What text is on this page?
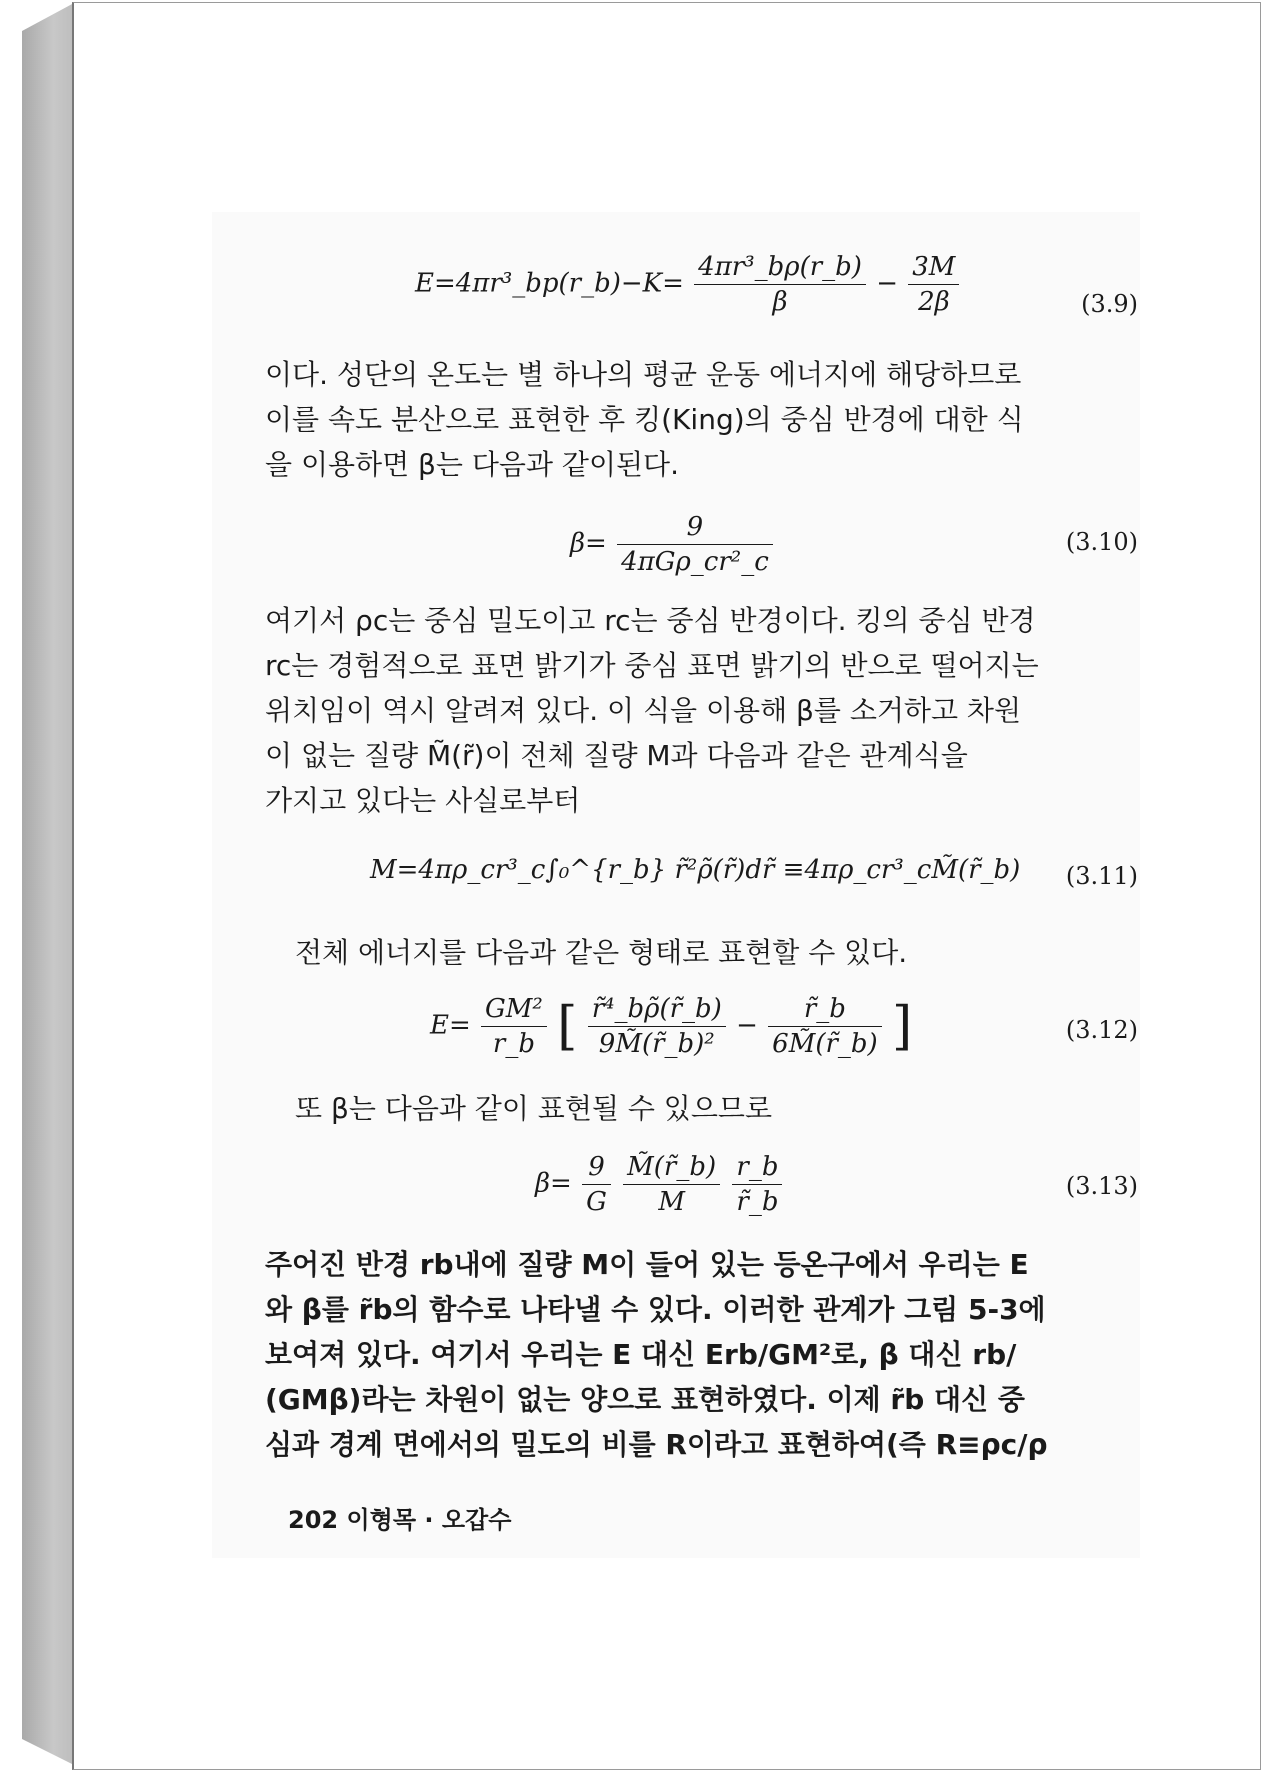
E=4πr³_bp(r_b)−K= $\frac{\text{4πr³\_bρ(r\_b)}}{\beta} - \frac{3M}{2\beta}$	(3.9)
이다. 성단의 온도는 별 하나의 평균 운동 에너지에 해당하므로
이를 속도 분산으로 표현한 후 킹(King)의 중심 반경에 대한 식
을 이용하면 β는 다음과 같이된다.
β=
9
4πGρ_cr²_c
(3.10)
여기서 ρc는 중심 밀도이고 rc는 중심 반경이다. 킹의 중심 반경
rc는 경험적으로 표면 밝기가 중심 표면 밝기의 반으로 떨어지는
위치임이 역시 알려져 있다. 이 식을 이용해 β를 소거하고 차원
이 없는 질량 M̃(r̃)이 전체 질량 M과 다음과 같은 관계식을
가지고 있다는 사실로부터
M=4πρ_cr³_c∫₀^{r_b} r̃²ρ̃(r̃)dr̃ ≡4πρ_cr³_cM̃(r̃_b) (3.11)
전체 에너지를 다음과 같은 형태로 표현할 수 있다.
$E= \frac{\text{GM²}}{r\_b}$ [ $\frac{\text{r̃⁴\_bρ̃(r̃\_b)}}{\text{9M̃(r̃\_b)²}} - \frac{r̃\_b}{6M̃(r̃\_b)}$ ]	(3.12)
또 β는 다음과 같이 표현될 수 있으므로
$\beta= \frac{9}{G}$
$\frac{M̃(r̃\_b)}{M}$
$\frac{r\_b}{r̃\_b}$	(3.13)
주어진 반경 rb내에 질량 M이 들어 있는 등온구에서 우리는 E
와 β를 r̃b의 함수로 나타낼 수 있다. 이러한 관계가 그림 5-3에
보여져 있다. 여기서 우리는 E 대신 Erb/GM²로, β 대신 rb/
(GMβ)라는 차원이 없는 양으로 표현하였다. 이제 r̃b 대신 중
심과 경계 면에서의 밀도의 비를 R이라고 표현하여(즉 R≡ρc/ρ
202 이형목 · 오갑수
